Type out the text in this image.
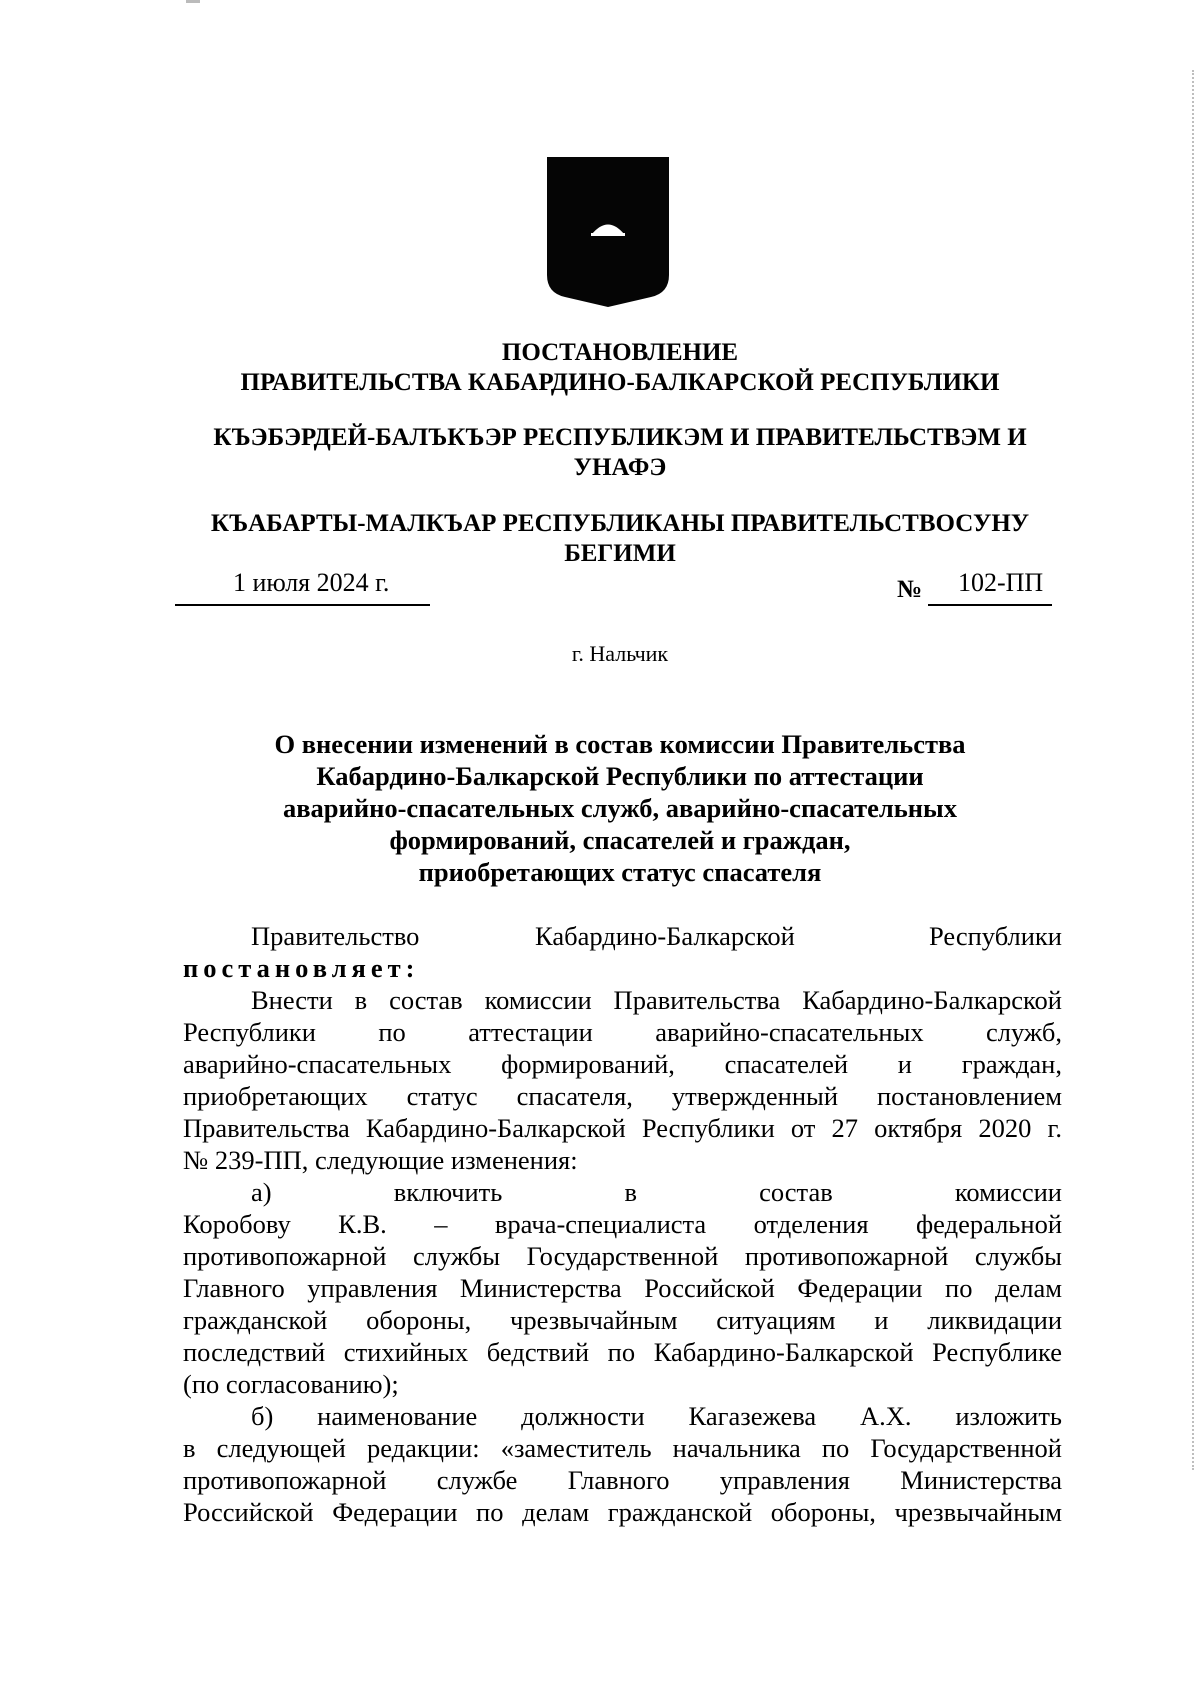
ПОСТАНОВЛЕНИЕ
ПРАВИТЕЛЬСТВА КАБАРДИНО-БАЛКАРСКОЙ РЕСПУБЛИКИ
КЪЭБЭРДЕЙ-БАЛЪКЪЭР РЕСПУБЛИКЭМ И ПРАВИТЕЛЬСТВЭМ И
УНАФЭ
КЪАБАРТЫ-МАЛКЪАР РЕСПУБЛИКАНЫ ПРАВИТЕЛЬСТВОСУНУ
БЕГИМИ
1 июля 2024 г.	№ 102-ПП
г. Нальчик
О внесении изменений в состав комиссии Правительства
Кабардино-Балкарской Республики по аттестации
аварийно-спасательных служб, аварийно-спасательных
формирований, спасателей и граждан,
приобретающих статус спасателя
Правительство	Кабардино-Балкарской	Республики
постановляет:
Внести в состав комиссии Правительства Кабардино-Балкарской
Республики по аттестации аварийно-спасательных служб,
аварийно-спасательных формирований, спасателей и граждан,
приобретающих статус спасателя, утвержденный постановлением
Правительства Кабардино-Балкарской Республики от 27 октября 2020 г.
№ 239-ПП, следующие изменения:
а) включить в состав комиссии
Коробову К.В. – врача-специалиста отделения федеральной
противопожарной службы Государственной противопожарной службы
Главного управления Министерства Российской Федерации по делам
гражданской обороны, чрезвычайным ситуациям и ликвидации
последствий стихийных бедствий по Кабардино-Балкарской Республике
(по согласованию);
б) наименование должности Кагазежева А.Х. изложить
в следующей редакции: «заместитель начальника по Государственной
противопожарной службе Главного управления Министерства
Российской Федерации по делам гражданской обороны, чрезвычайным
